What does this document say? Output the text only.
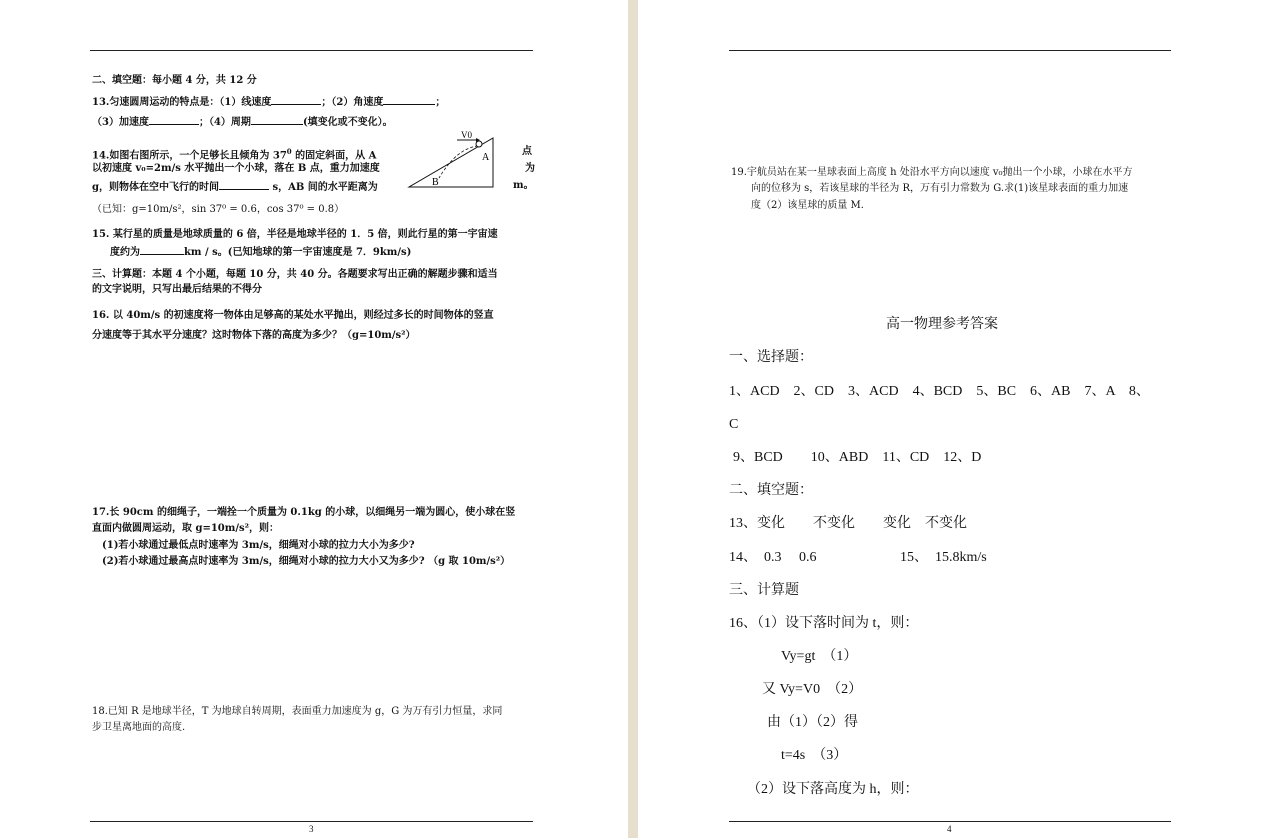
二、填空题：每小题 4 分，共 12 分
13.匀速圆周运动的特点是：（1）线速度	；（2）角速度	；
（3）加速度	；（4）周期	(填变化或不变化）。
14.如图右图所示，一个足够长且倾角为 $37^0$ 的固定斜面，从 A	点
以初速度 v₀=2m/s 水平抛出一个小球，落在 B 点，重力加速度	为
g，则物体在空中飞行的时间	s，AB 间的水平距离为	m。
V0
A
B
（已知：g=10m/s²，sin 37⁰ = 0.6，cos 37⁰ = 0.8）
15. 某行星的质量是地球质量的 6 倍，半径是地球半径的 1．5 倍，则此行星的第一宇宙速
度约为	km / s。(已知地球的第一宇宙速度是 7．9km/s)
三、计算题：本题 4 个小题，每题 10 分，共 40 分。各题要求写出正确的解题步骤和适当
的文字说明，只写出最后结果的不得分
16. 以 40m/s 的初速度将一物体由足够高的某处水平抛出，则经过多长的时间物体的竖直
分速度等于其水平分速度？这时物体下落的高度为多少？（g=10m/s²）
17.长 90cm 的细绳子，一端拴一个质量为 0.1kg 的小球，以细绳另一端为圆心，使小球在竖
直面内做圆周运动，取 g=10m/s²，则：
(1)若小球通过最低点时速率为 3m/s，细绳对小球的拉力大小为多少?
(2)若小球通过最高点时速率为 3m/s，细绳对小球的拉力大小又为多少? （g 取 10m/s²）
18.已知 R 是地球半径，T 为地球自转周期，表面重力加速度为 g，G 为万有引力恒量，求同
步卫星离地面的高度.
3
19.宇航员站在某一星球表面上高度 h 处沿水平方向以速度 v₀抛出一个小球，小球在水平方
向的位移为 s，若该星球的半径为 R，万有引力常数为 G.求(1)该星球表面的重力加速
度（2）该星球的质量 M.
高一物理参考答案
一、选择题：
1、ACD　2、CD　3、ACD　4、BCD　5、BC　6、AB　7、A　8、
C
9、BCD　　10、ABD　11、CD　12、D
二、填空题：
13、变化　　不变化　　变化　不变化
14、　0.3　 0.6	15、　15.8km/s
三、计算题
16、（1）设下落时间为 t，则：
Vy=gt　（1）
又 Vy=V0　（2）
由（1）（2）得
t=4s　（3）
（2）设下落高度为 h，则：
4
